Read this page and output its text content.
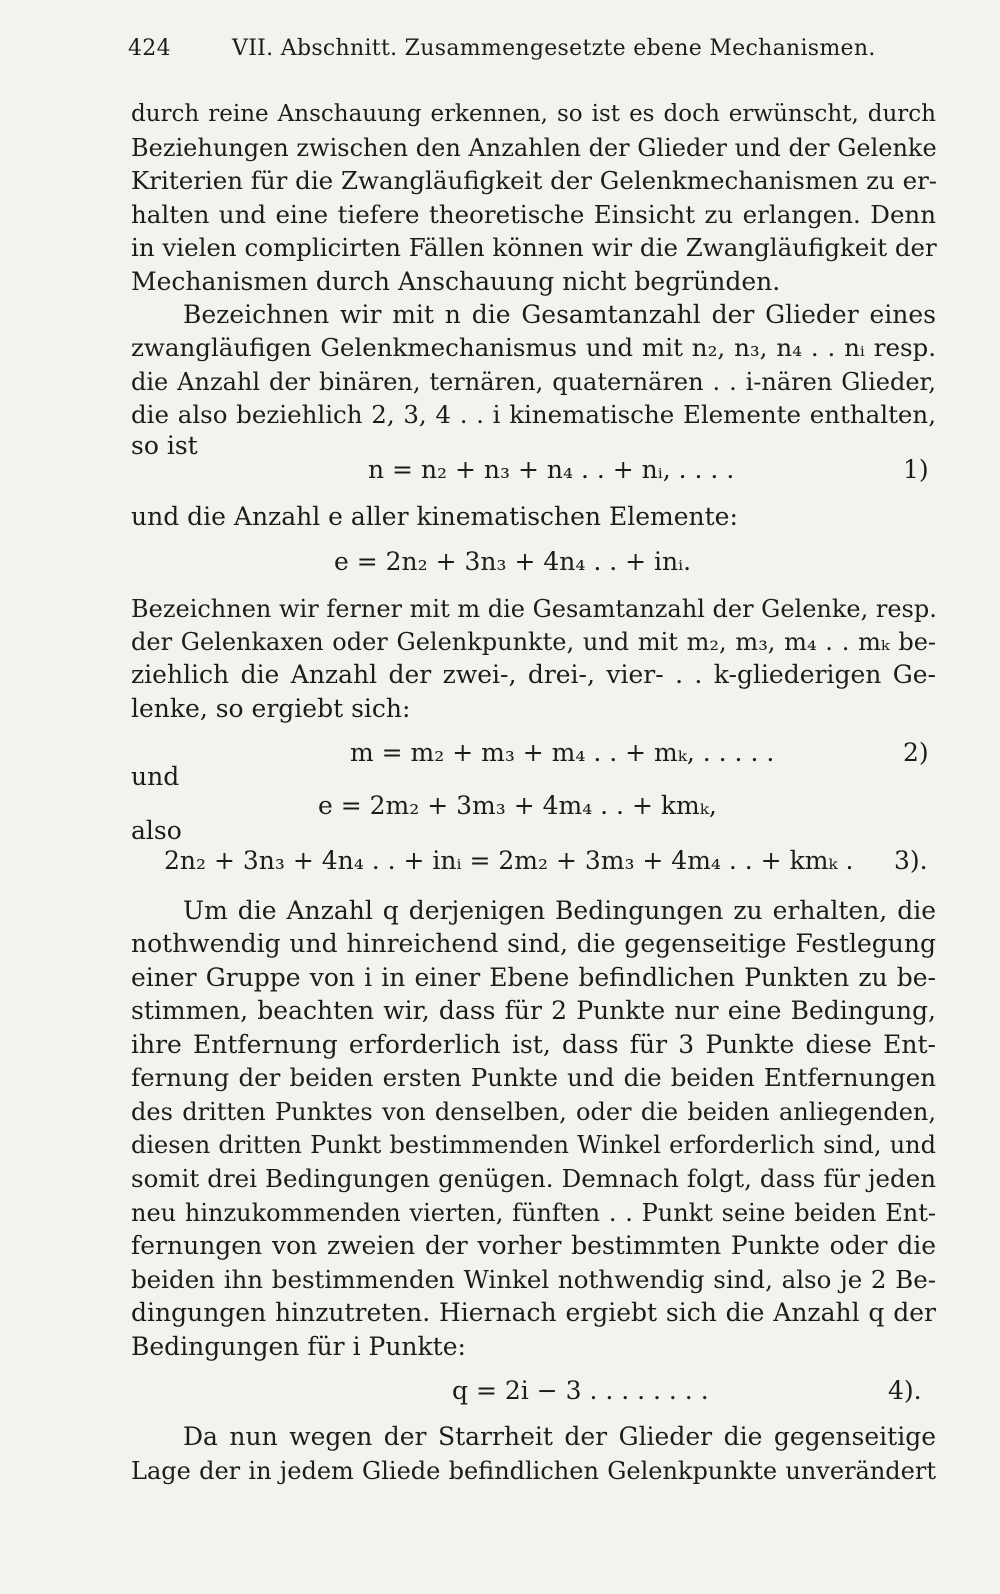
424	VII. Abschnitt. Zusammengesetzte ebene Mechanismen.
durch reine Anschauung erkennen, so ist es doch erwünscht, durch
Beziehungen zwischen den Anzahlen der Glieder und der Gelenke
Kriterien für die Zwangläufigkeit der Gelenkmechanismen zu er-
halten und eine tiefere theoretische Einsicht zu erlangen. Denn
in vielen complicirten Fällen können wir die Zwangläufigkeit der
Mechanismen durch Anschauung nicht begründen.
Bezeichnen wir mit n die Gesamtanzahl der Glieder eines
zwangläufigen Gelenkmechanismus und mit n₂, n₃, n₄ . . nᵢ resp.
die Anzahl der binären, ternären, quaternären . . i-nären Glieder,
die also beziehlich 2, 3, 4 . . i kinematische Elemente enthalten,
so ist
n = n₂ + n₃ + n₄ . . + nᵢ, . . . .	1)
und die Anzahl e aller kinematischen Elemente:
e = 2n₂ + 3n₃ + 4n₄ . . + inᵢ.
Bezeichnen wir ferner mit m die Gesamtanzahl der Gelenke, resp.
der Gelenkaxen oder Gelenkpunkte, und mit m₂, m₃, m₄ . . mₖ be-
ziehlich die Anzahl der zwei-, drei-, vier- . . k-gliederigen Ge-
lenke, so ergiebt sich:
m = m₂ + m₃ + m₄ . . + mₖ, . . . . .	2)
und
e = 2m₂ + 3m₃ + 4m₄ . . + kmₖ,
also
2n₂ + 3n₃ + 4n₄ . . + inᵢ = 2m₂ + 3m₃ + 4m₄ . . + kmₖ . 3).
Um die Anzahl q derjenigen Bedingungen zu erhalten, die
nothwendig und hinreichend sind, die gegenseitige Festlegung
einer Gruppe von i in einer Ebene befindlichen Punkten zu be-
stimmen, beachten wir, dass für 2 Punkte nur eine Bedingung,
ihre Entfernung erforderlich ist, dass für 3 Punkte diese Ent-
fernung der beiden ersten Punkte und die beiden Entfernungen
des dritten Punktes von denselben, oder die beiden anliegenden,
diesen dritten Punkt bestimmenden Winkel erforderlich sind, und
somit drei Bedingungen genügen. Demnach folgt, dass für jeden
neu hinzukommenden vierten, fünften . . Punkt seine beiden Ent-
fernungen von zweien der vorher bestimmten Punkte oder die
beiden ihn bestimmenden Winkel nothwendig sind, also je 2 Be-
dingungen hinzutreten. Hiernach ergiebt sich die Anzahl q der
Bedingungen für i Punkte:
q = 2i − 3 . . . . . . . .	4).
Da nun wegen der Starrheit der Glieder die gegenseitige
Lage der in jedem Gliede befindlichen Gelenkpunkte unverändert
